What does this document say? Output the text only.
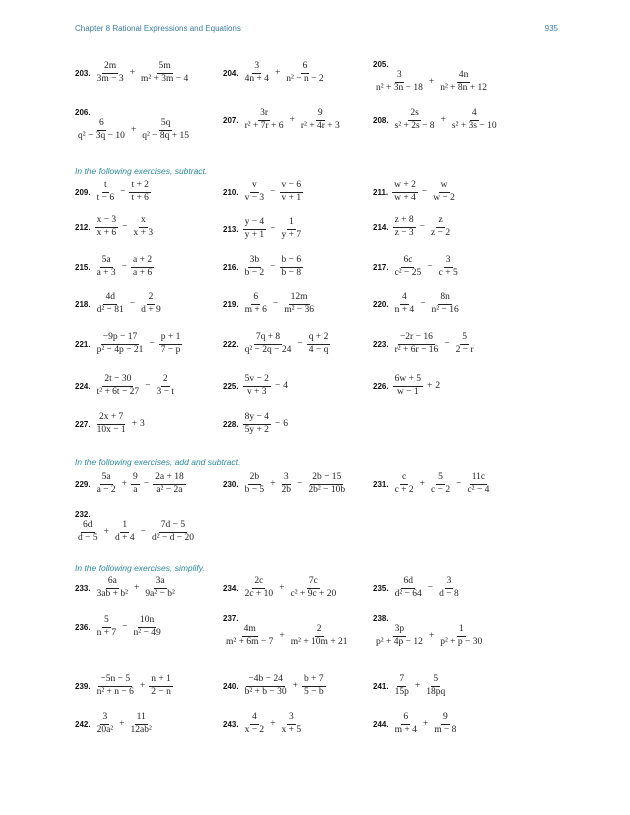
Chapter 8 Rational Expressions and Equations	935
In the following exercises, subtract.
In the following exercises, add and subtract.
In the following exercises, simplify.
203. $\frac{2m}{3m - 3} + \frac{5m}{\text{m² + 3m − 4}}$	204. $\frac{3}{4n + 4} + \frac{6}{\text{n² − n − 2}}$	205.
$\frac{3}{\text{n² + 3n − 18}} + \frac{4n}{\text{n² + 8n + 12}}$
206.
$\frac{6}{\text{q² − 3q − 10}} + \frac{5q}{\text{q² − 8q + 15}}$	207. $\frac{3r}{\text{r² + 7r + 6}} + \frac{9}{\text{r² + 4r + 3}}$	208. $\frac{2s}{\text{s² + 2s − 8}} + \frac{4}{\text{s² + 3s − 10}}$
209. $\frac{t}{t - 6} - \frac{t + 2}{t + 6}$	210. $\frac{v}{v - 3} - \frac{v - 6}{v + 1}$	211. $\frac{w + 2}{w + 4} - \frac{w}{w - 2}$
212. $\frac{x - 3}{x + 6} - \frac{x}{x + 3}$	213. $\frac{y - 4}{y + 1} - \frac{1}{y + 7}$	214. $\frac{z + 8}{z - 3} - \frac{z}{z - 2}$
215. $\frac{5a}{a + 3} - \frac{a + 2}{a + 6}$	216. $\frac{3b}{b - 2} - \frac{b - 6}{b - 8}$	217. $\frac{6c}{\text{c² − 25}} - \frac{3}{c + 5}$
218. $\frac{4d}{\text{d² − 81}} - \frac{2}{d + 9}$	219. $\frac{6}{m + 6} - \frac{12m}{\text{m² − 36}}$	220. $\frac{4}{n + 4} - \frac{8n}{\text{n² − 16}}$
221. $\frac{-9p - 17}{\text{p² − 4p − 21}} - \frac{p + 1}{7 - p}$	222. $\frac{7q + 8}{\text{q² − 2q − 24}} - \frac{q + 2}{4 - q}$	223. $\frac{-2r - 16}{\text{r² + 6r − 16}} - \frac{5}{2 - r}$
224. $\frac{2t - 30}{\text{t² + 6t − 27}} - \frac{2}{3 - t}$	225. $\frac{5v - 2}{v + 3} - 4$	226. $\frac{6w + 5}{w - 1} + 2$
227. $\frac{2x + 7}{10x - 1} + 3$	228. $\frac{8y - 4}{5y + 2} - 6$
229. $\frac{5a}{a - 2} + \frac{9}{a} - \frac{2a + 18}{\text{a² − 2a}}$	230. $\frac{2b}{b - 5} + \frac{3}{2b} - \frac{2b - 15}{\text{2b² − 10b}}$	231. $\frac{c}{c + 2} + \frac{5}{c - 2} - \frac{11c}{\text{c² − 4}}$
232.
$\frac{6d}{d - 5} + \frac{1}{d + 4} - \frac{7d - 5}{\text{d² − d − 20}}$
233. $\frac{6a}{\text{3ab + b²}} + \frac{3a}{\text{9a² − b²}}$	234. $\frac{2c}{2c + 10} + \frac{7c}{\text{c² + 9c + 20}}$	235. $\frac{6d}{\text{d² − 64}} - \frac{3}{d - 8}$
236. $\frac{5}{n + 7} - \frac{10n}{\text{n² − 49}}$	237.
$\frac{4m}{\text{m² + 6m − 7}} + \frac{2}{\text{m² + 10m + 21}}$
238.
$\frac{3p}{\text{p² + 4p − 12}} + \frac{1}{\text{p² + p − 30}}$
239. $\frac{-5n - 5}{\text{n² + n − 6}} + \frac{n + 1}{2 - n}$	240. $\frac{-4b - 24}{\text{b² + b − 30}} + \frac{b + 7}{5 - b}$	241. $\frac{7}{15p} + \frac{5}{18pq}$
242. $\frac{3}{\text{20a²}} + \frac{11}{\text{12ab²}}$	243. $\frac{4}{x - 2} + \frac{3}{x + 5}$	244. $\frac{6}{m + 4} + \frac{9}{m - 8}$
